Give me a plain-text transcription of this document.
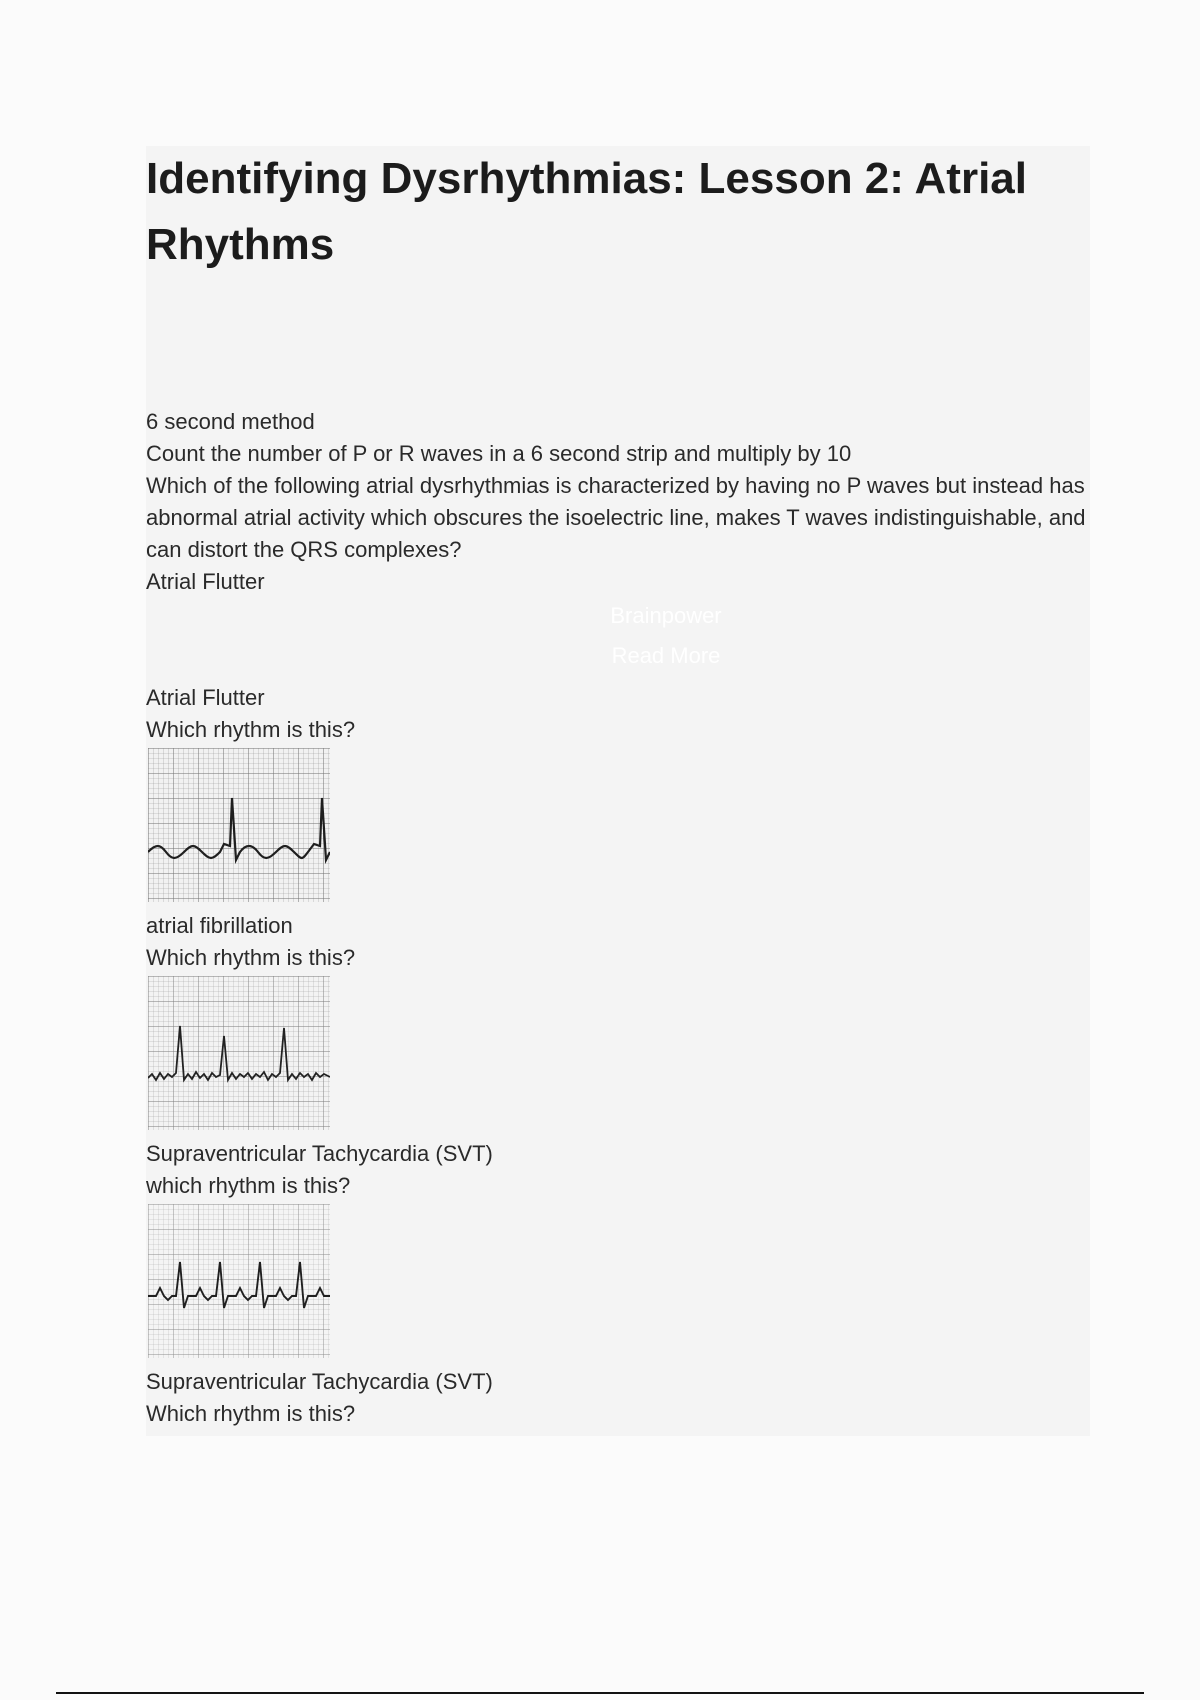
Identifying Dysrhythmias: Lesson 2: Atrial Rhythms
6 second method
Count the number of P or R waves in a 6 second strip and multiply by 10
Which of the following atrial dysrhythmias is characterized by having no P waves but instead has abnormal atrial activity which obscures the isoelectric line, makes T waves indistinguishable, and can distort the QRS complexes?
Atrial Flutter
Brainpower
Read More
Atrial Flutter
Which rhythm is this?
atrial fibrillation
Which rhythm is this?
Supraventricular Tachycardia (SVT)
which rhythm is this?
Supraventricular Tachycardia (SVT)
Which rhythm is this?
